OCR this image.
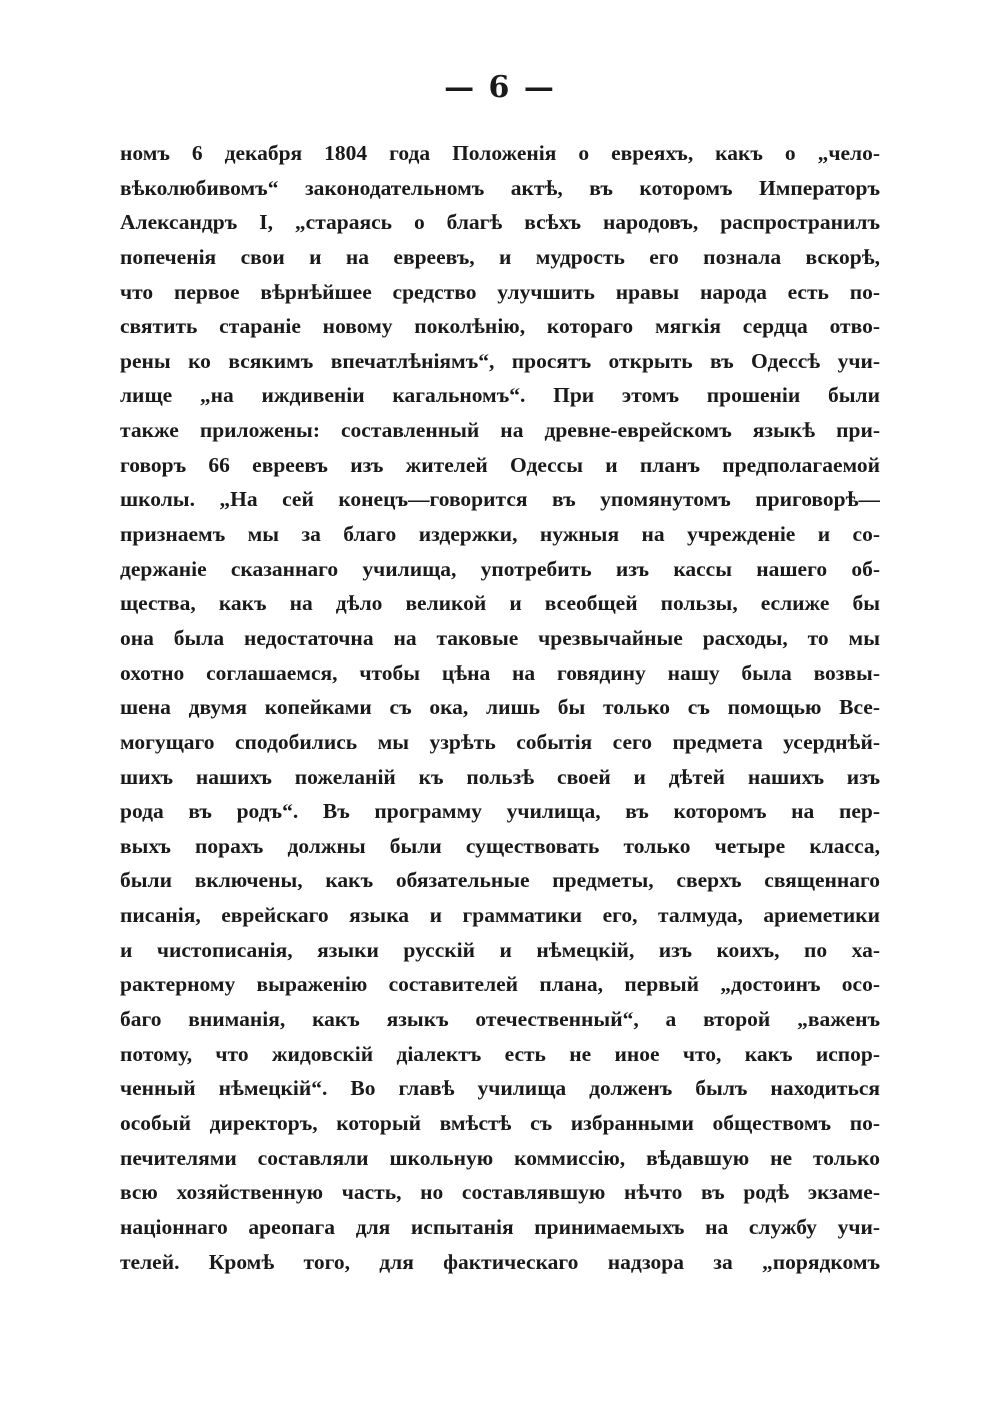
— 6 —
номъ 6 декабря 1804 года Положенія о евреяхъ, какъ о „чело-
вѣколюбивомъ“ законодательномъ актѣ, въ которомъ Императоръ
Александръ I, „стараясь о благѣ всѣхъ народовъ, распространилъ
попеченія свои и на евреевъ, и мудрость его познала вскорѣ,
что первое вѣрнѣйшее средство улучшить нравы народа есть по-
святить стараніе новому поколѣнію, котораго мягкія сердца отво-
рены ко всякимъ впечатлѣніямъ“, просятъ открыть въ Одессѣ учи-
лище „на иждивеніи кагальномъ“. При этомъ прошеніи были
также приложены: составленный на древне-еврейскомъ языкѣ при-
говоръ 66 евреевъ изъ жителей Одессы и планъ предполагаемой
школы. „На сей конецъ—говорится въ упомянутомъ приговорѣ—
признаемъ мы за благо издержки, нужныя на учрежденіе и со-
держаніе сказаннаго училища, употребить изъ кассы нашего об-
щества, какъ на дѣло великой и всеобщей пользы, еслиже бы
она была недостаточна на таковые чрезвычайные расходы, то мы
охотно соглашаемся, чтобы цѣна на говядину нашу была возвы-
шена двумя копейками съ ока, лишь бы только съ помощью Все-
могущаго сподобились мы узрѣть событія сего предмета усерднѣй-
шихъ нашихъ пожеланій къ пользѣ своей и дѣтей нашихъ изъ
рода въ родъ“. Въ программу училища, въ которомъ на пер-
выхъ порахъ должны были существовать только четыре класса,
были включены, какъ обязательные предметы, сверхъ священнаго
писанія, еврейскаго языка и грамматики его, талмуда, ариеметики
и чистописанія, языки русскій и нѣмецкій, изъ коихъ, по ха-
рактерному выраженію составителей плана, первый „достоинъ осо-
баго вниманія, какъ языкъ отечественный“, а второй „важенъ
потому, что жидовскій діалектъ есть не иное что, какъ испор-
ченный нѣмецкій“. Во главѣ училища долженъ былъ находиться
особый директоръ, который вмѣстѣ съ избранными обществомъ по-
печителями составляли школьную коммиссію, вѣдавшую не только
всю хозяйственную часть, но составлявшую нѣчто въ родѣ экзаме-
націоннаго ареопага для испытанія принимаемыхъ на службу учи-
телей. Кромѣ того, для фактическаго надзора за „порядкомъ
